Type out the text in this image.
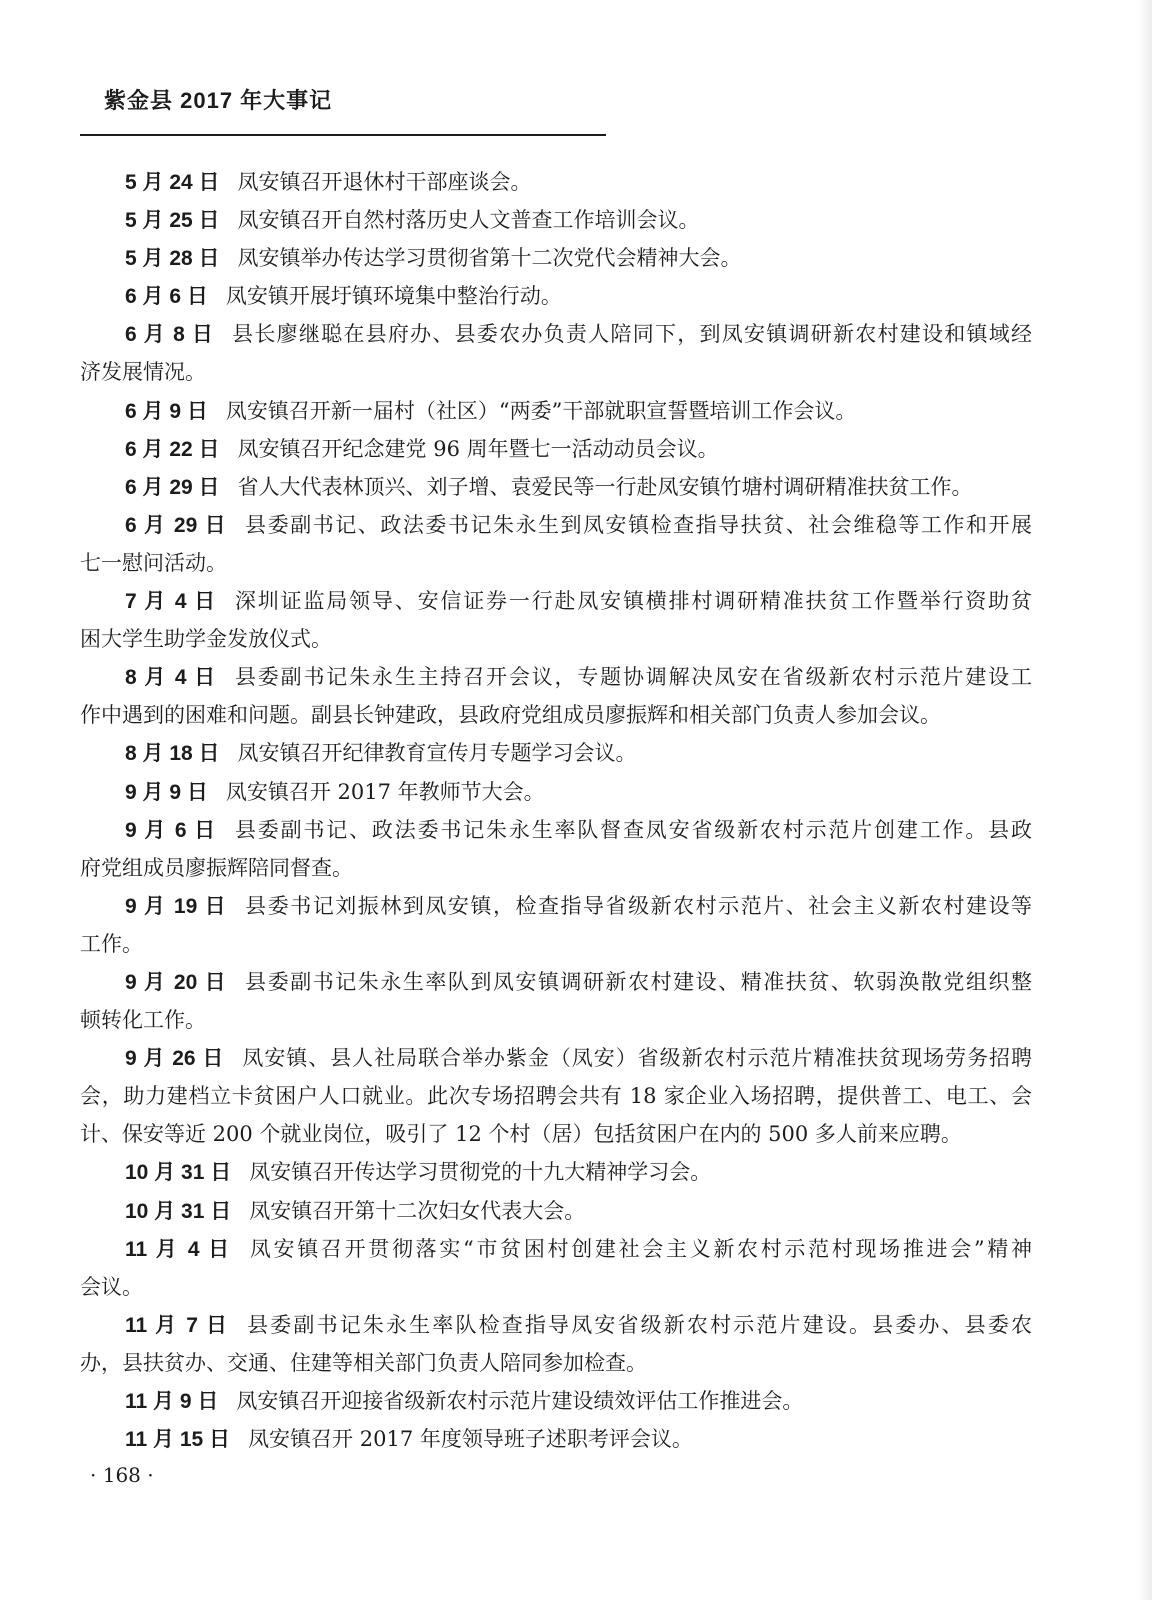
紫金县 2017 年大事记
5 月 24 日 凤安镇召开退休村干部座谈会。
5 月 25 日 凤安镇召开自然村落历史人文普查工作培训会议。
5 月 28 日 凤安镇举办传达学习贯彻省第十二次党代会精神大会。
6 月 6 日 凤安镇开展圩镇环境集中整治行动。
6 月 8 日 县长廖继聪在县府办、县委农办负责人陪同下，到凤安镇调研新农村建设和镇域经
济发展情况。
6 月 9 日 凤安镇召开新一届村（社区）“两委”干部就职宣誓暨培训工作会议。
6 月 22 日 凤安镇召开纪念建党 96 周年暨七一活动动员会议。
6 月 29 日 省人大代表林顶兴、刘子增、袁爱民等一行赴凤安镇竹塘村调研精准扶贫工作。
6 月 29 日 县委副书记、政法委书记朱永生到凤安镇检查指导扶贫、社会维稳等工作和开展
七一慰问活动。
7 月 4 日 深圳证监局领导、安信证券一行赴凤安镇横排村调研精准扶贫工作暨举行资助贫
困大学生助学金发放仪式。
8 月 4 日 县委副书记朱永生主持召开会议，专题协调解决凤安在省级新农村示范片建设工
作中遇到的困难和问题。副县长钟建政，县政府党组成员廖振辉和相关部门负责人参加会议。
8 月 18 日 凤安镇召开纪律教育宣传月专题学习会议。
9 月 9 日 凤安镇召开 2017 年教师节大会。
9 月 6 日 县委副书记、政法委书记朱永生率队督查凤安省级新农村示范片创建工作。县政
府党组成员廖振辉陪同督查。
9 月 19 日 县委书记刘振林到凤安镇，检查指导省级新农村示范片、社会主义新农村建设等
工作。
9 月 20 日 县委副书记朱永生率队到凤安镇调研新农村建设、精准扶贫、软弱涣散党组织整
顿转化工作。
9 月 26 日 凤安镇、县人社局联合举办紫金（凤安）省级新农村示范片精准扶贫现场劳务招聘
会，助力建档立卡贫困户人口就业。此次专场招聘会共有 18 家企业入场招聘，提供普工、电工、会
计、保安等近 200 个就业岗位，吸引了 12 个村（居）包括贫困户在内的 500 多人前来应聘。
10 月 31 日 凤安镇召开传达学习贯彻党的十九大精神学习会。
10 月 31 日 凤安镇召开第十二次妇女代表大会。
11 月 4 日 凤安镇召开贯彻落实“市贫困村创建社会主义新农村示范村现场推进会”精神
会议。
11 月 7 日 县委副书记朱永生率队检查指导凤安省级新农村示范片建设。县委办、县委农
办，县扶贫办、交通、住建等相关部门负责人陪同参加检查。
11 月 9 日 凤安镇召开迎接省级新农村示范片建设绩效评估工作推进会。
11 月 15 日 凤安镇召开 2017 年度领导班子述职考评会议。
· 168 ·
